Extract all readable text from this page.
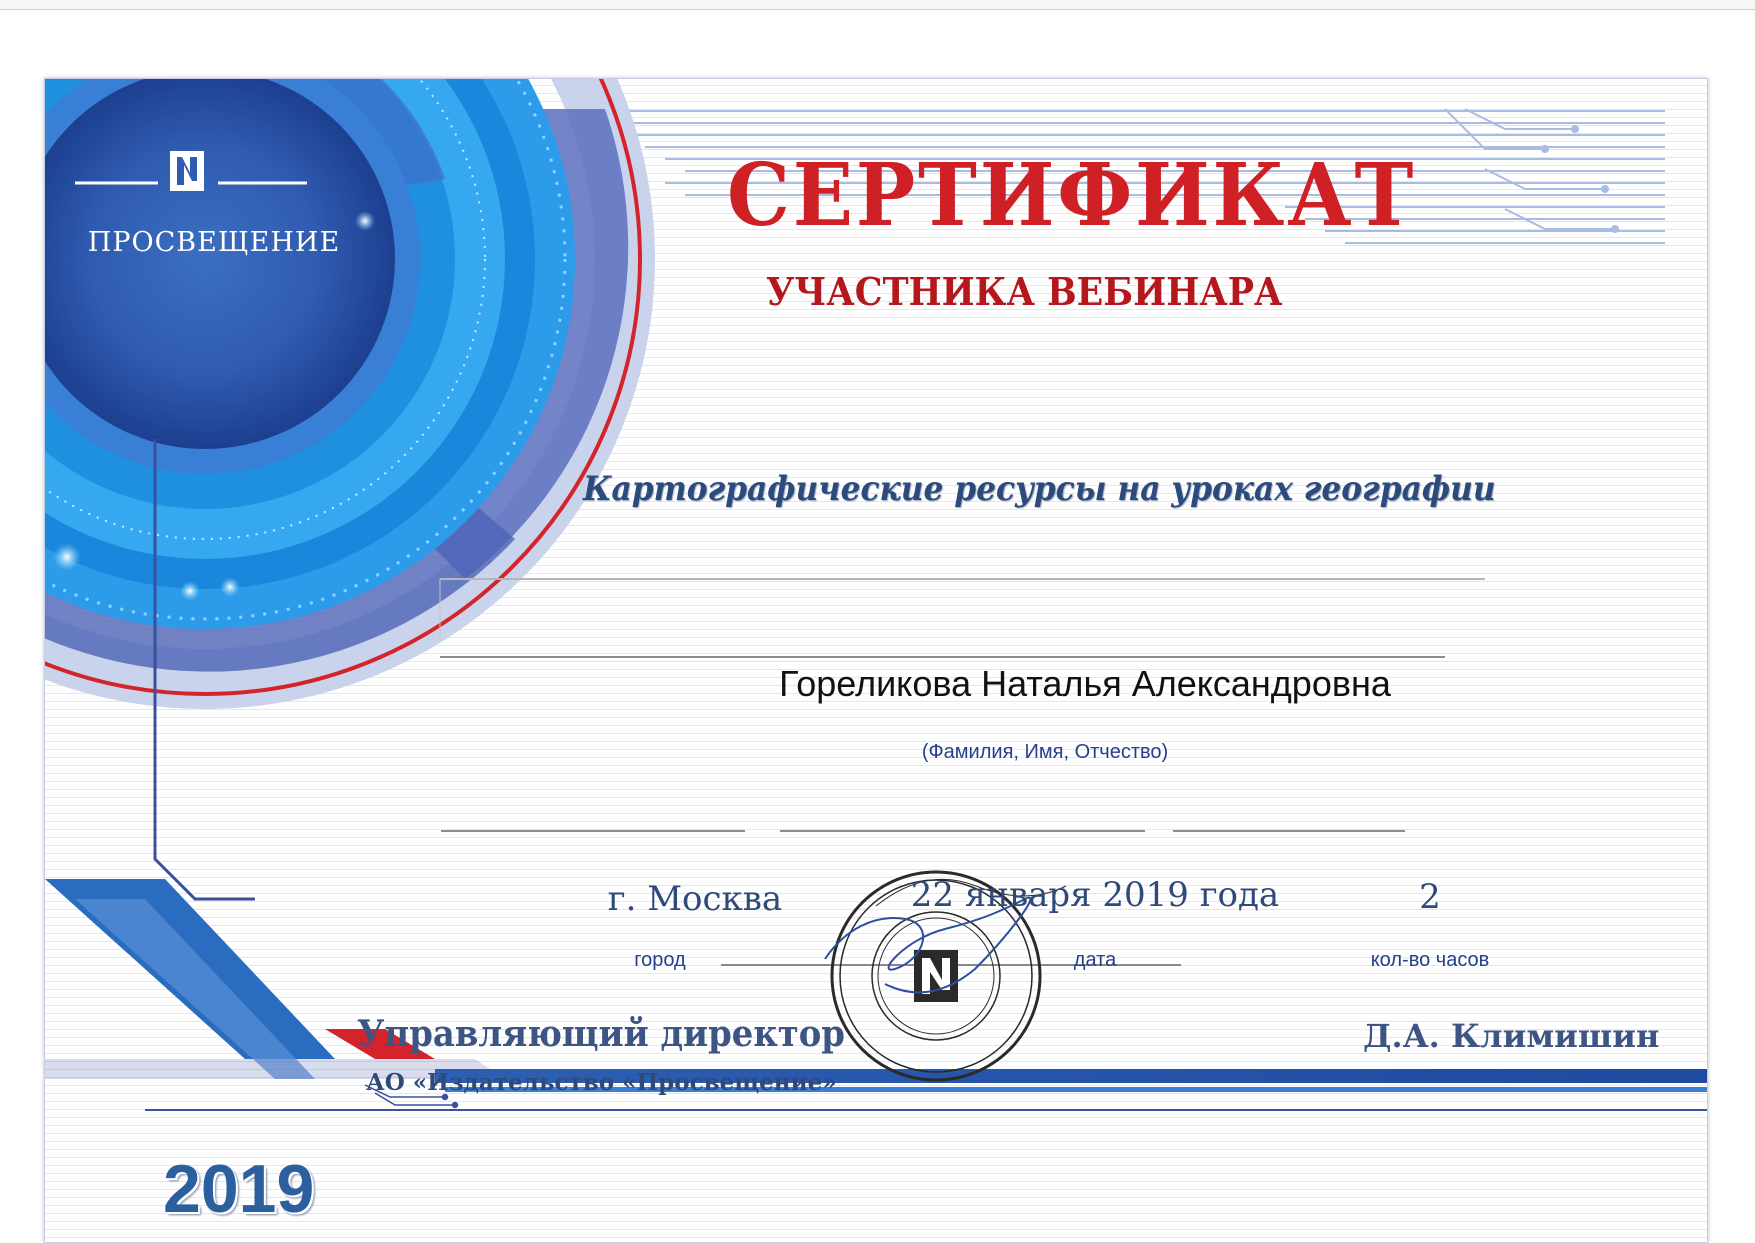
ПРОСВЕЩЕНИЕ	СЕРТИФИКАТ
УЧАСТНИКА ВЕБИНАРА
Картографические ресурсы на уроках географии
Гореликова Наталья Александровна
(Фамилия, Имя, Отчество)
г. Москва
город
22 января 2019 года
дата
2
кол-во часов
Управляющий директор
АО «Издательство «Просвещение»
Д.А. Климишин
2019
